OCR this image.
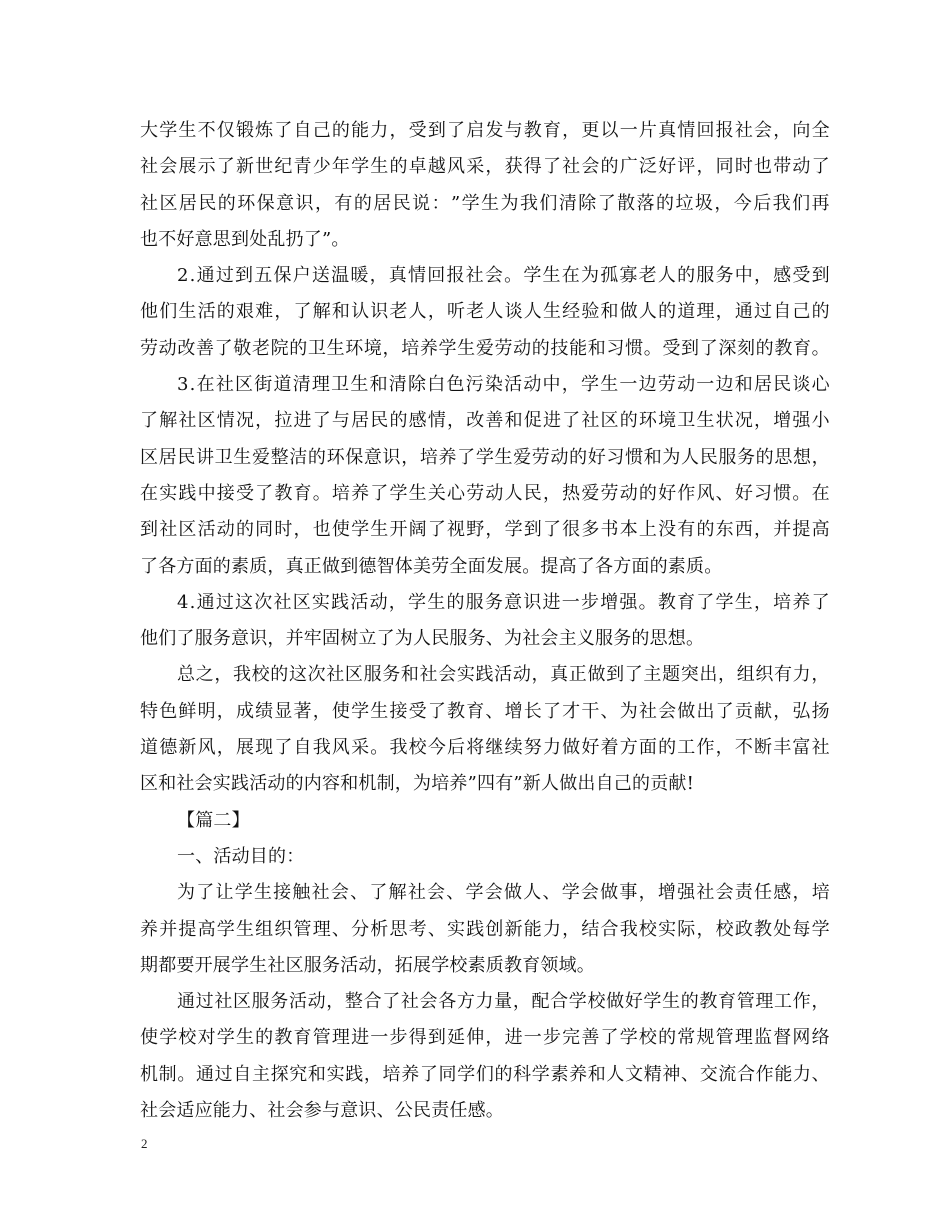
大 学 生 不 仅 锻 炼 了 自 己 的 能 力 ， 受 到 了 启 发 与 教 育 ， 更 以 一 片 真 情 回 报 社 会 ， 向 全
社 会 展 示 了 新 世 纪 青 少 年 学 生 的 卓 越 风 采 ， 获 得 了 社 会 的 广 泛 好 评 ， 同 时 也 带 动 了
社 区 居 民 的 环 保 意 识 ， 有 的 居 民 说 ： ” 学 生 为 我 们 清 除 了 散 落 的 垃 圾 ， 今 后 我 们 再
也不好意思到处乱扔了”。
2 . 通 过 到 五 保 户 送 温 暖 ， 真 情 回 报 社 会 。 学 生 在 为 孤 寡 老 人 的 服 务 中 ， 感 受 到
他 们 生 活 的 艰 难 ， 了 解 和 认 识 老 人 ， 听 老 人 谈 人 生 经 验 和 做 人 的 道 理 ， 通 过 自 己 的
劳 动 改 善 了 敬 老 院 的 卫 生 环 境 ， 培 养 学 生 爱 劳 动 的 技 能 和 习 惯 。 受 到 了 深 刻 的 教 育 。
3 . 在 社 区 街 道 清 理 卫 生 和 清 除 白 色 污 染 活 动 中 ， 学 生 一 边 劳 动 一 边 和 居 民 谈 心
了 解 社 区 情 况 ， 拉 进 了 与 居 民 的 感 情 ， 改 善 和 促 进 了 社 区 的 环 境 卫 生 状 况 ， 增 强 小
区 居 民 讲 卫 生 爱 整 洁 的 环 保 意 识 ， 培 养 了 学 生 爱 劳 动 的 好 习 惯 和 为 人 民 服 务 的 思 想 ，
在 实 践 中 接 受 了 教 育 。 培 养 了 学 生 关 心 劳 动 人 民 ， 热 爱 劳 动 的 好 作 风 、 好 习 惯 。 在
到 社 区 活 动 的 同 时 ， 也 使 学 生 开 阔 了 视 野 ， 学 到 了 很 多 书 本 上 没 有 的 东 西 ， 并 提 高
了各方面的素质，真正做到德智体美劳全面发展。提高了各方面的素质。
4 . 通 过 这 次 社 区 实 践 活 动 ， 学 生 的 服 务 意 识 进 一 步 增 强 。 教 育 了 学 生 ， 培 养 了
他们了服务意识，并牢固树立了为人民服务、为社会主义服务的思想。
总 之 ， 我 校 的 这 次 社 区 服 务 和 社 会 实 践 活 动 ， 真 正 做 到 了 主 题 突 出 ， 组 织 有 力 ，
特 色 鲜 明 ， 成 绩 显 著 ， 使 学 生 接 受 了 教 育 、 增 长 了 才 干 、 为 社 会 做 出 了 贡 献 ， 弘 扬
道 德 新 风 ， 展 现 了 自 我 风 采 。 我 校 今 后 将 继 续 努 力 做 好 着 方 面 的 工 作 ， 不 断 丰 富 社
区和社会实践活动的内容和机制，为培养”四有”新人做出自己的贡献!
【篇二】
一、活动目的：
为 了 让 学 生 接 触 社 会 、 了 解 社 会 、 学 会 做 人 、 学 会 做 事 ， 增 强 社 会 责 任 感 ， 培
养 并 提 高 学 生 组 织 管 理 、 分 析 思 考 、 实 践 创 新 能 力 ， 结 合 我 校 实 际 ， 校 政 教 处 每 学
期都要开展学生社区服务活动，拓展学校素质教育领域。
通 过 社 区 服 务 活 动 ， 整 合 了 社 会 各 方 力 量 ， 配 合 学 校 做 好 学 生 的 教 育 管 理 工 作 ，
使 学 校 对 学 生 的 教 育 管 理 进 一 步 得 到 延 伸 ， 进 一 步 完 善 了 学 校 的 常 规 管 理 监 督 网 络
机 制 。 通 过 自 主 探 究 和 实 践 ， 培 养 了 同 学 们 的 科 学 素 养 和 人 文 精 神 、 交 流 合 作 能 力 、
社会适应能力、社会参与意识、公民责任感。
2
